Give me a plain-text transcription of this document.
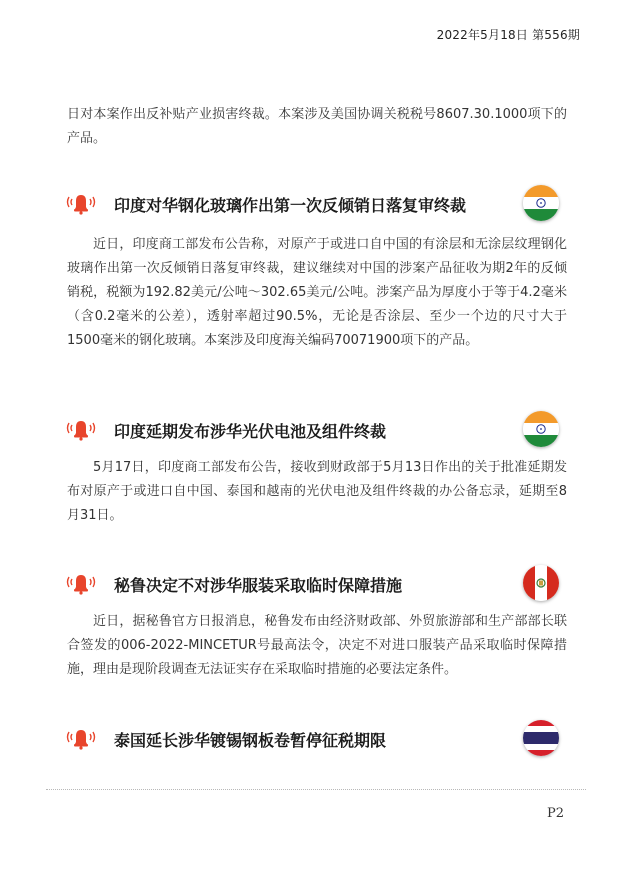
2022年5月18日 第556期

日对本案作出反补贴产业损害终裁。本案涉及美国协调关税税号8607.30.1000项下的产品。

印度对华钢化玻璃作出第一次反倾销日落复审终裁

近日，印度商工部发布公告称，对原产于或进口自中国的有涂层和无涂层纹理钢化玻璃作出第一次反倾销日落复审终裁，建议继续对中国的涉案产品征收为期2年的反倾销税，税额为192.82美元/公吨～302.65美元/公吨。涉案产品为厚度小于等于4.2毫米（含0.2毫米的公差），透射率超过90.5%，无论是否涂层、至少一个边的尺寸大于1500毫米的钢化玻璃。本案涉及印度海关编码70071900项下的产品。

印度延期发布涉华光伏电池及组件终裁

5月17日，印度商工部发布公告，接收到财政部于5月13日作出的关于批准延期发布对原产于或进口自中国、泰国和越南的光伏电池及组件终裁的办公备忘录，延期至8月31日。

秘鲁决定不对涉华服装采取临时保障措施

近日，据秘鲁官方日报消息，秘鲁发布由经济财政部、外贸旅游部和生产部部长联合签发的006-2022-MINCETUR号最高法令，决定不对进口服装产品采取临时保障措施，理由是现阶段调查无法证实存在采取临时措施的必要法定条件。

泰国延长涉华镀锡钢板卷暂停征税期限
P2
